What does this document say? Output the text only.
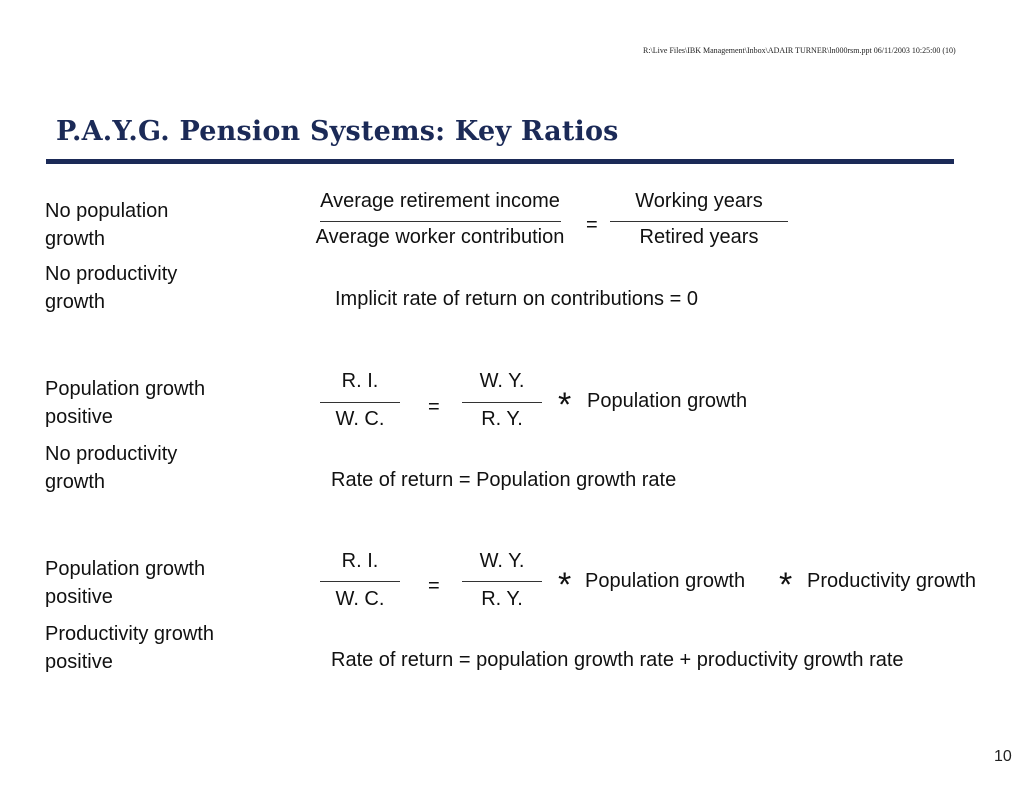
R:\Live Files\IBK Management\Inbox\ADAIR TURNER\ln000rsm.ppt 06/11/2003 10:25:00 (10)
P.A.Y.G. Pension Systems: Key Ratios
No population
growth
No productivity
growth
Average retirement income
Average worker contribution
=
Working years
Retired years
Implicit rate of return on contributions = 0
Population growth
positive
No productivity
growth
R. I.
W. C.
=
W. Y.
R. Y.	* Population growth
Rate of return = Population growth rate
Population growth
positive
Productivity growth
positive
R. I.
W. C.
=
W. Y.
R. Y.	* Population growth * Productivity growth
Rate of return = population growth rate + productivity growth rate
10
